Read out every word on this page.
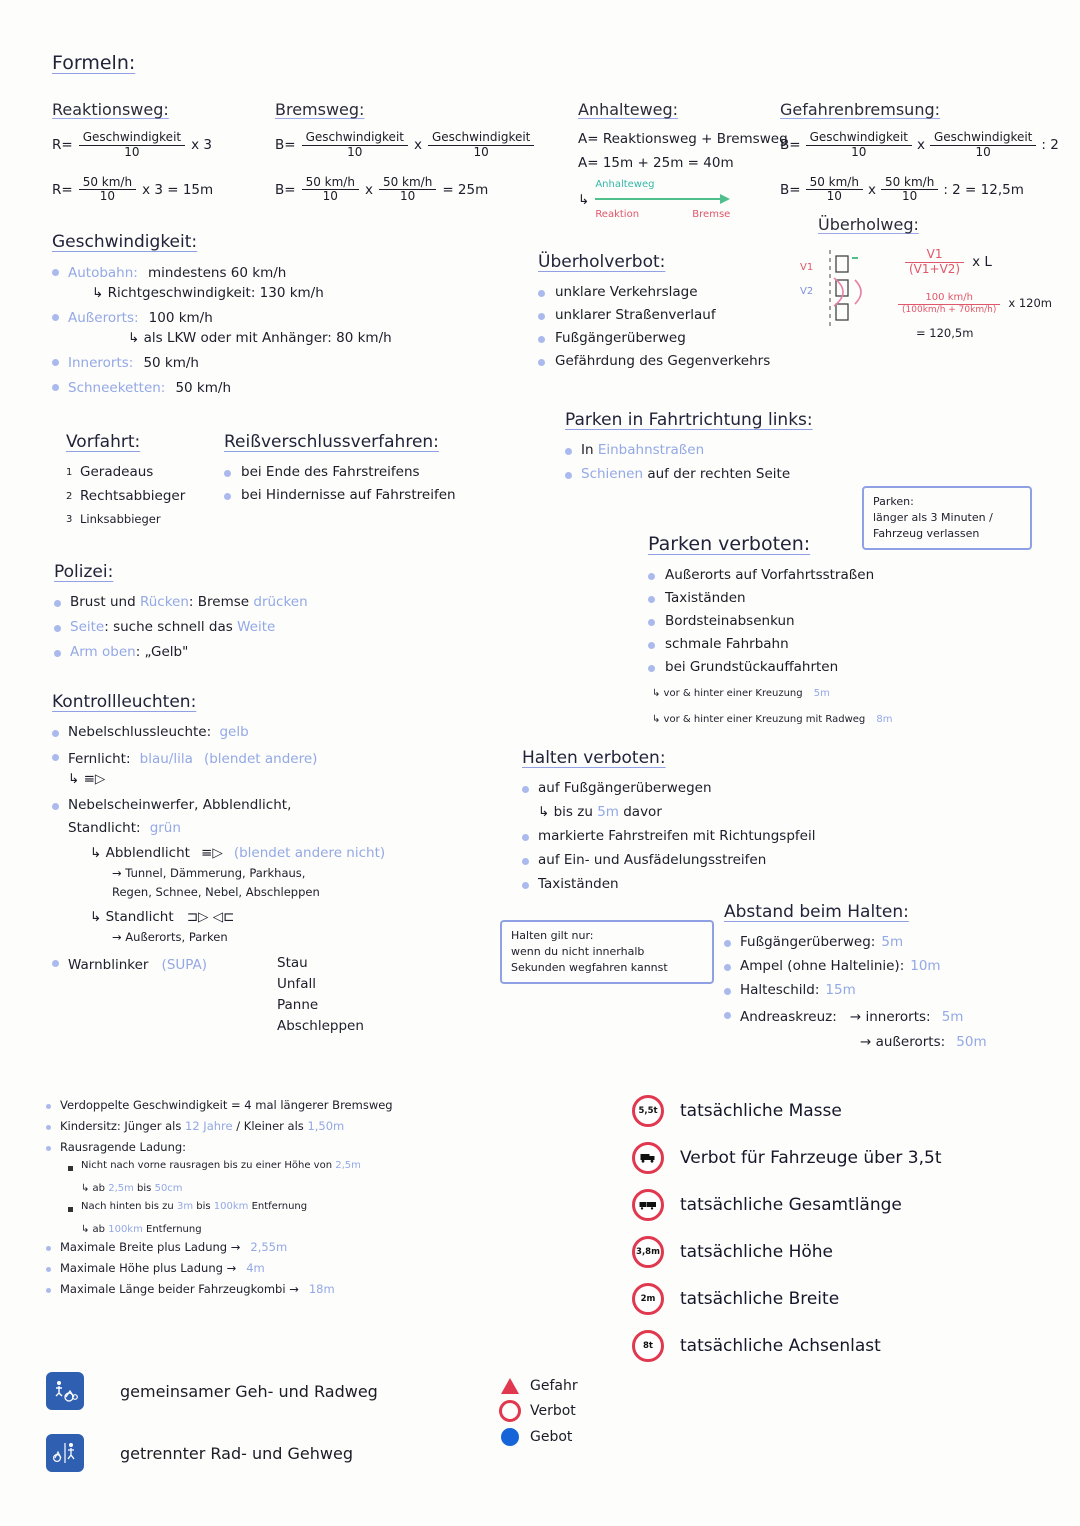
Formeln:
Reaktionsweg:
$R= \frac{\text{Geschwindigkeit}}{10}$ x 3
$R= \frac{50 km/h}{10}$ x 3 = 15m
Bremsweg:
$B= \frac{\text{Geschwindigkeit}}{10}$ x $\frac{\text{Geschwindigkeit}}{10}$
$B= \frac{50 km/h}{10}$ x $\frac{50 km/h}{10} = 25m$
Anhalteweg:
A= Reaktionsweg + Bremsweg
A= 15m + 25m = 40m
↳
Anhalteweg
Reaktion	Bremse
Gefahrenbremsung:
$B= \frac{\text{Geschwindigkeit}}{10}$ x $\frac{\text{Geschwindigkeit}}{10}$ : 2
$B= \frac{50 km/h}{10}$ x $\frac{50 km/h}{10}$ : 2 = 12,5m
Überholweg:
V1
V2
$\frac{V1}{(V1+V2)}$ x L
$\frac{100 km/h}{(100km/h + 70km/h)}$ x 120m
= 120,5m
Geschwindigkeit:
Autobahn: mindestens 60 km/h
↳ Richtgeschwindigkeit: 130 km/h
Außerorts: 100 km/h
↳ als LKW oder mit Anhänger: 80 km/h
Innerorts: 50 km/h
Schneeketten: 50 km/h
Vorfahrt:
1 Geradeaus
2 Rechtsabbieger
3 Linksabbieger
Reißverschlussverfahren:
bei Ende des Fahrstreifens
bei Hindernisse auf Fahrstreifen
Polizei:
Brust und Rücken: Bremse drücken
Seite: suche schnell das Weite
Arm oben: „Gelb"
Kontrollleuchten:
Nebelschlussleuchte: gelb
Fernlicht: blau/lila (blendet andere)
↳ ≡▷
Nebelscheinwerfer, Abblendlicht,
Standlicht: grün
↳ Abblendlicht ≡▷ (blendet andere nicht)
→ Tunnel, Dämmerung, Parkhaus,
Regen, Schnee, Nebel, Abschleppen
↳ Standlicht ⊐▷ ◁⊏
→ Außerorts, Parken
Warnblinker (SUPA)	Stau
Unfall
Panne
Abschleppen
Überholverbot:
unklare Verkehrslage
unklarer Straßenverlauf
Fußgängerüberweg
Gefährdung des Gegenverkehrs
Parken in Fahrtrichtung links:
In Einbahnstraßen
Schienen auf der rechten Seite
Parken:
länger als 3 Minuten /
Fahrzeug verlassen
Parken verboten:
Außerorts auf Vorfahrtsstraßen
Taxiständen
Bordsteinabsenkun
schmale Fahrbahn
bei Grundstückauffahrten
↳ vor & hinter einer Kreuzung 5m
↳ vor & hinter einer Kreuzung mit Radweg 8m
Halten verboten:
auf Fußgängerüberwegen
↳ bis zu 5m davor
markierte Fahrstreifen mit Richtungspfeil
auf Ein- und Ausfädelungsstreifen
Taxiständen
Halten gilt nur:
wenn du nicht innerhalb
Sekunden wegfahren kannst
Abstand beim Halten:
Fußgängerüberweg: 5m
Ampel (ohne Haltelinie): 10m
Halteschild: 15m
Andreaskreuz: → innerorts: 5m
→ außerorts: 50m
Verdoppelte Geschwindigkeit = 4 mal längerer Bremsweg
Kindersitz: Jünger als 12 Jahre / Kleiner als 1,50m
Rausragende Ladung:
Nicht nach vorne rausragen bis zu einer Höhe von 2,5m
↳ ab 2,5m bis 50cm
Nach hinten bis zu 3m bis 100km Entfernung
↳ ab 100km Entfernung
Maximale Breite plus Ladung → 2,55m
Maximale Höhe plus Ladung → 4m
Maximale Länge beider Fahrzeugkombi → 18m
gemeinsamer Geh- und Radweg
getrennter Rad- und Gehweg
Gefahr
Verbot
Gebot
5,5t tatsächliche Masse
Verbot für Fahrzeuge über 3,5t
tatsächliche Gesamtlänge
3,8m tatsächliche Höhe
2m tatsächliche Breite
8t tatsächliche Achsenlast
